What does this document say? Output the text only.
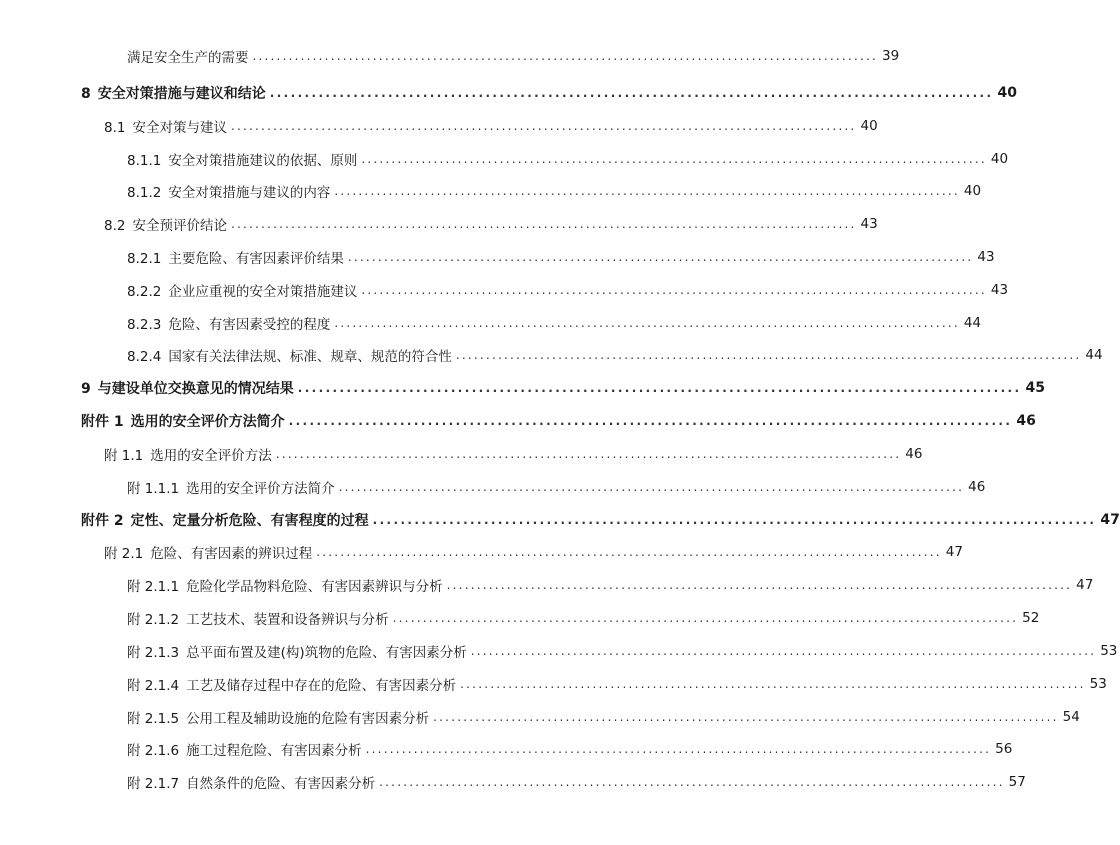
满足安全生产的需要 ........................................................................................................ 39
8 安全对策措施与建议和结论 ........................................................................................................ 40
8.1 安全对策与建议 ........................................................................................................ 40
8.1.1 安全对策措施建议的依据、原则 ........................................................................................................ 40
8.1.2 安全对策措施与建议的内容 ........................................................................................................ 40
8.2 安全预评价结论 ........................................................................................................ 43
8.2.1 主要危险、有害因素评价结果 ........................................................................................................ 43
8.2.2 企业应重视的安全对策措施建议 ........................................................................................................ 43
8.2.3 危险、有害因素受控的程度 ........................................................................................................ 44
8.2.4 国家有关法律法规、标准、规章、规范的符合性 ........................................................................................................ 44
9 与建设单位交换意见的情况结果 ........................................................................................................ 45
附件 1 选用的安全评价方法简介 ........................................................................................................ 46
附 1.1 选用的安全评价方法 ........................................................................................................ 46
附 1.1.1 选用的安全评价方法简介 ........................................................................................................ 46
附件 2 定性、定量分析危险、有害程度的过程 ........................................................................................................ 47
附 2.1 危险、有害因素的辨识过程 ........................................................................................................ 47
附 2.1.1 危险化学品物料危险、有害因素辨识与分析 ........................................................................................................ 47
附 2.1.2 工艺技术、装置和设备辨识与分析 ........................................................................................................ 52
附 2.1.3 总平面布置及建(构)筑物的危险、有害因素分析 ........................................................................................................ 53
附 2.1.4 工艺及储存过程中存在的危险、有害因素分析 ........................................................................................................ 53
附 2.1.5 公用工程及辅助设施的危险有害因素分析 ........................................................................................................ 54
附 2.1.6 施工过程危险、有害因素分析 ........................................................................................................ 56
附 2.1.7 自然条件的危险、有害因素分析 ........................................................................................................ 57
